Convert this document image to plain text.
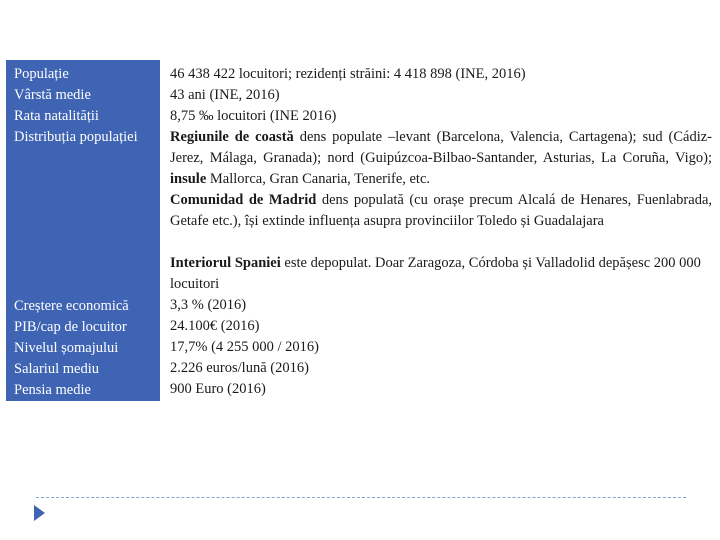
Populație
Vârstă medie
Rata natalității
Distribuția populației
Creștere economică
PIB/cap de locuitor
Nivelul șomajului
Salariul mediu
Pensia medie
46 438 422 locuitori; rezidenți străini: 4 418 898 (INE, 2016)
43 ani (INE, 2016)
8,75 ‰ locuitori (INE 2016)
Regiunile de coastă dens populate –levant (Barcelona, Valencia, Cartagena); sud (Cádiz-Jerez, Málaga, Granada); nord (Guipúzcoa-Bilbao-Santander, Asturias, La Coruña, Vigo); insule Mallorca, Gran Canaria, Tenerife, etc.
Comunidad de Madrid dens populată (cu orașe precum Alcalá de Henares, Fuenlabrada, Getafe etc.), își extinde influența asupra provinciilor Toledo și Guadalajara
Interiorul Spaniei este depopulat. Doar Zaragoza, Córdoba și Valladolid depășesc 200 000 locuitori
3,3 % (2016)
24.100€ (2016)
17,7% (4 255 000 / 2016)
2.226 euros/lună (2016)
900 Euro (2016)
